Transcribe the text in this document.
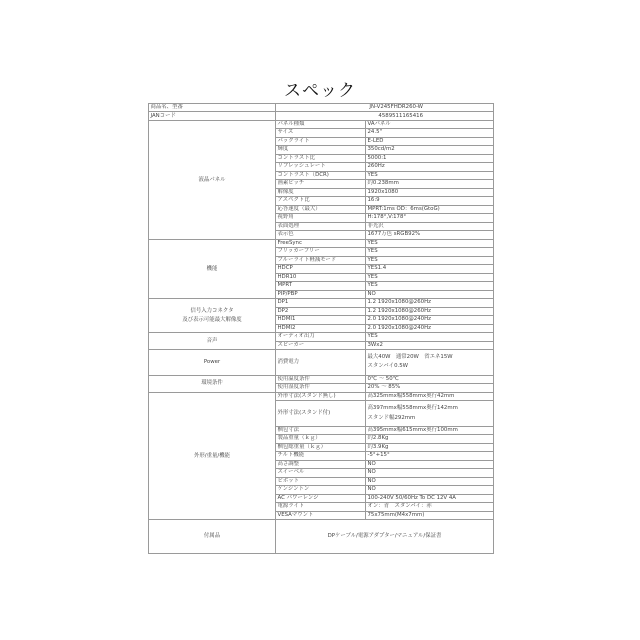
スペック
商品名、型番	JN-V245FHDR260-W	
JANコード	4589511165416	
液晶パネル	パネル種類	VAパネル
	サイズ	24.5"
	バックライト	E-LED
	輝度	350cd/m2
	コントラスト比	5000:1
	リフレッシュレート	260Hz
	コントラスト（DCR)	YES
	画素ピッチ	約0.238mm
	解像度	1920x1080
	アスペクト比	16:9
	応答速度（最大）	MPRT:1ms OD：6ms(GtoG)
	視野角	H:178°,V:178°
	表面処理	非光沢
	表示色	1677万色 sRGB92%
機能	FreeSync	YES
	フリッカーフリー	YES
	ブルーライト軽減モード	YES
	HDCP	YES1.4
	HDR10	YES
	MPRT	YES
	PIP/PBP	NO
信号入力コネクタ
及び表示可能最大解像度	DP1	1.2 1920x1080@260Hz
	DP2	1.2 1920x1080@260Hz
	HDMI1	2.0 1920x1080@240Hz
	HDMI2	2.0 1920x1080@240Hz
音声	オーディオ出力	YES
	スピーカー	3Wx2
Power	消費電力	最大40W　通常20W　省エネ15W
スタンバイ0.5W

環境条件	使用温度条件	0℃ ～ 50℃
	使用湿度条件	20% ～ 85%
外形/重量/機能	外形寸法(スタンド無し)	高325mmx幅558mmx奥行42mm
	外形寸法(スタンド付)	高397mmx幅558mmx奥行142mm
スタンド幅292mm

	梱包寸法	高395mmx幅615mmx奥行100mm
	製品重量（ｋｇ）	約2.8Kg
	梱包総重量（ｋｇ）	約3.9Kg
	チルト機能	-5°+15°
	高さ調整	NO
	スイーベル	NO
	ピボット	NO
	ケンジントン	NO
	AC パワーレンジ	100-240V 50/60Hz To DC 12V 4A
	電源ライト	オン：青　スタンバイ：赤
	VESAマウント	75x75mm(M4x7mm)
付属品	DPケーブル/電源アダプター/マニュアル/保証書	
